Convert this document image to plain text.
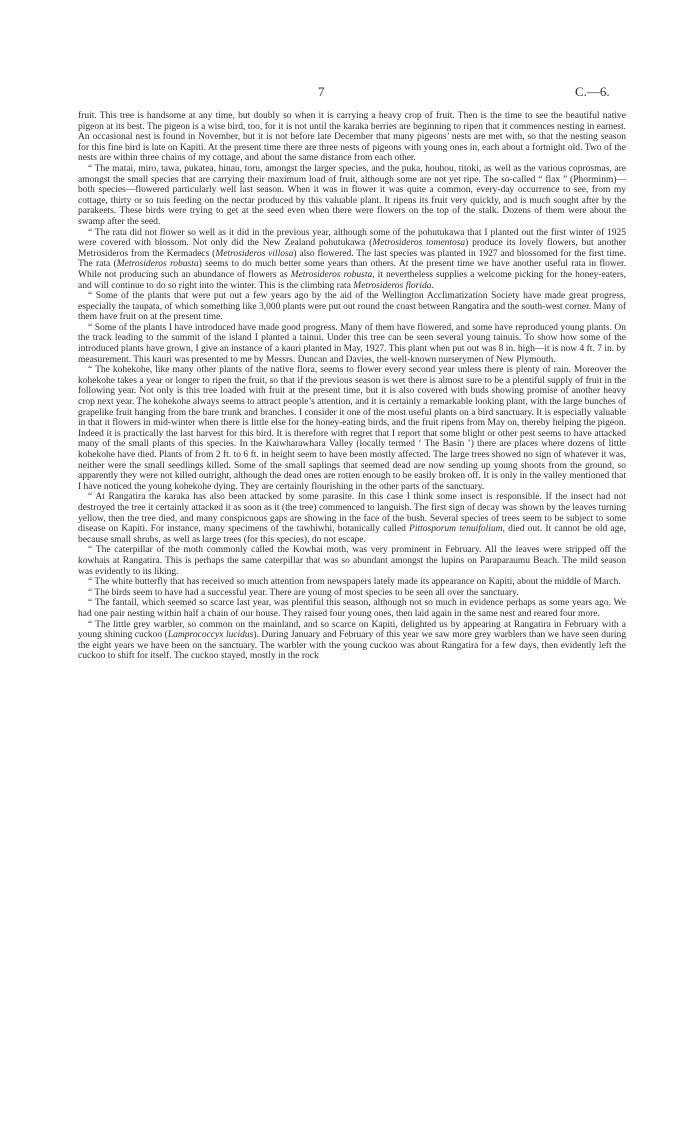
7	C.—6.

fruit. This tree is handsome at any time, but doubly so when it is carrying a heavy crop of fruit. Then is the time to see the beautiful native pigeon at its best. The pigeon is a wise bird, too, for it is not until the karaka berries are beginning to ripen that it commences nesting in earnest. An occasional nest is found in November, but it is not before late December that many pigeons’ nests are met with, so that the nesting season for this fine bird is late on Kapiti. At the present time there are three nests of pigeons with young ones in, each about a fortnight old. Two of the nests are within three chains of my cottage, and about the same distance from each other.

“ The matai, miro, tawa, pukatea, hinau, toru, amongst the larger species, and the puka, houhou, titoki, as well as the various coprosmas, are amongst the small species that are carrying their maximum load of fruit, although some are not yet ripe. The so-called “ flax ” (Phorminm)—both species—flowered particularly well last season. When it was in flower it was quite a common, every-day occurrence to see, from my cottage, thirty or so tuis feeding on the nectar produced by this valuable plant. It ripens its fruit very quickly, and is much sought after by the parakeets. These birds were trying to get at the seed even when there were flowers on the top of the stalk. Dozens of them were about the swamp after the seed.

“ The rata did not flower so well as it did in the previous year, although some of the pohutukawa that I planted out the first winter of 1925 were covered with blossom. Not only did the New Zealand pohutukawa (Metrosideros tomentosa) produce its lovely flowers, but another Metrosideros from the Kermadecs (Metrosideros villosa) also flowered. The last species was planted in 1927 and blossomed for the first time. The rata (Metrosideros robusta) seems to do much better some years than others. At the present time we have another useful rata in flower. While not producing such an abundance of flowers as Metrosideros robusta, it nevertheless supplies a welcome picking for the honey-eaters, and will continue to do so right into the winter. This is the climbing rata Metrosideros florida.

“ Some of the plants that were put out a few years ago by the aid of the Wellington Acclimatization Society have made great progress, especially the taupata, of which something like 3,000 plants were put out round the coast between Rangatira and the south-west corner. Many of them have fruit on at the present time.

“ Some of the plants I have introduced have made good progress. Many of them have flowered, and some have reproduced young plants. On the track leading to the summit of the island I planted a tainui. Under this tree can be seen several young tainuis. To show how some of the introduced plants have grown, I give an instance of a kauri planted in May, 1927. This plant when put out was 8 in. high—it is now 4 ft. 7 in. by measurement. This kauri was presented to me by Messrs. Duncan and Davies, the well-known nurserymen of New Plymouth.

“ The kohekohe, like many other plants of the native flora, seems to flower every second year unless there is plenty of rain. Moreover the kohekohe takes a year or longer to ripen the fruit, so that if the previous season is wet there is almost sure to be a plentiful supply of fruit in the following year. Not only is this tree loaded with fruit at the present time, but it is also covered with buds showing promise of another heavy crop next year. The kohekohe always seems to attract people’s attention, and it is certainly a remarkable looking plant, with the large bunches of grapelike fruit hanging from the bare trunk and branches. I consider it one of the most useful plants on a bird sanctuary. It is especially valuable in that it flowers in mid-winter when there is little else for the honey-eating birds, and the fruit ripens from May on, thereby helping the pigeon. Indeed it is practically the last harvest for this bird. It is therefore with regret that I report that some blight or other pest seems to have attacked many of the small plants of this species. In the Kaiwharawhara Valley (locally termed ‘ The Basin ’) there are places where dozens of little kohekohe have died. Plants of from 2 ft. to 6 ft. in height seem to have been mostly affected. The large trees showed no sign of whatever it was, neither were the small seedlings killed. Some of the small saplings that seemed dead are now sending up young shoots from the ground, so apparently they were not killed outright, although the dead ones are rotten enough to be easily broken off. It is only in the valley mentioned that I have noticed the young kohekohe dying. They are certainly flourishing in the other parts of the sanctuary.

“ At Rangatira the karaka has also been attacked by some parasite. In this case I think some insect is responsible. If the insect had not destroyed the tree it certainly attacked it as soon as it (the tree) commenced to languish. The first sign of decay was shown by the leaves turning yellow, then the tree died, and many conspicuous gaps are showing in the face of the bush. Several species of trees seem to be subject to some disease on Kapiti. For instance, many specimens of the tawhiwhi, botanically called Pittosporum tenuifolium, died out. It cannot be old age, because small shrubs, as well as large trees (for this species), do not escape.

“ The caterpillar of the moth commonly called the Kowhai moth, was very prominent in February. All the leaves were stripped off the kowhais at Rangatira. This is perhaps the same caterpillar that was so abundant amongst the lupins on Paraparaumu Beach. The mild season was evidently to its liking.

“ The white butterfly that has received so much attention from newspapers lately made its appearance on Kapiti, about the middle of March.

“ The birds seem to have had a successful year. There are young of most species to be seen all over the sanctuary.

“ The fantail, which seemed so scarce last year, was plentiful this season, although not so much in evidence perhaps as some years ago. We had one pair nesting within half a chain of our house. They raised four young ones, then laid again in the same nest and reared four more.

“ The little grey warbler, so common on the mainland, and so scarce on Kapiti, delighted us by appearing at Rangatira in February with a young shining cuckoo (Lamprococcyx lucidus). During January and February of this year we saw more grey warblers than we have seen during the eight years we have been on the sanctuary. The warbler with the young cuckoo was about Rangatira for a few days, then evidently left the cuckoo to shift for itself. The cuckoo stayed, mostly in the rock
